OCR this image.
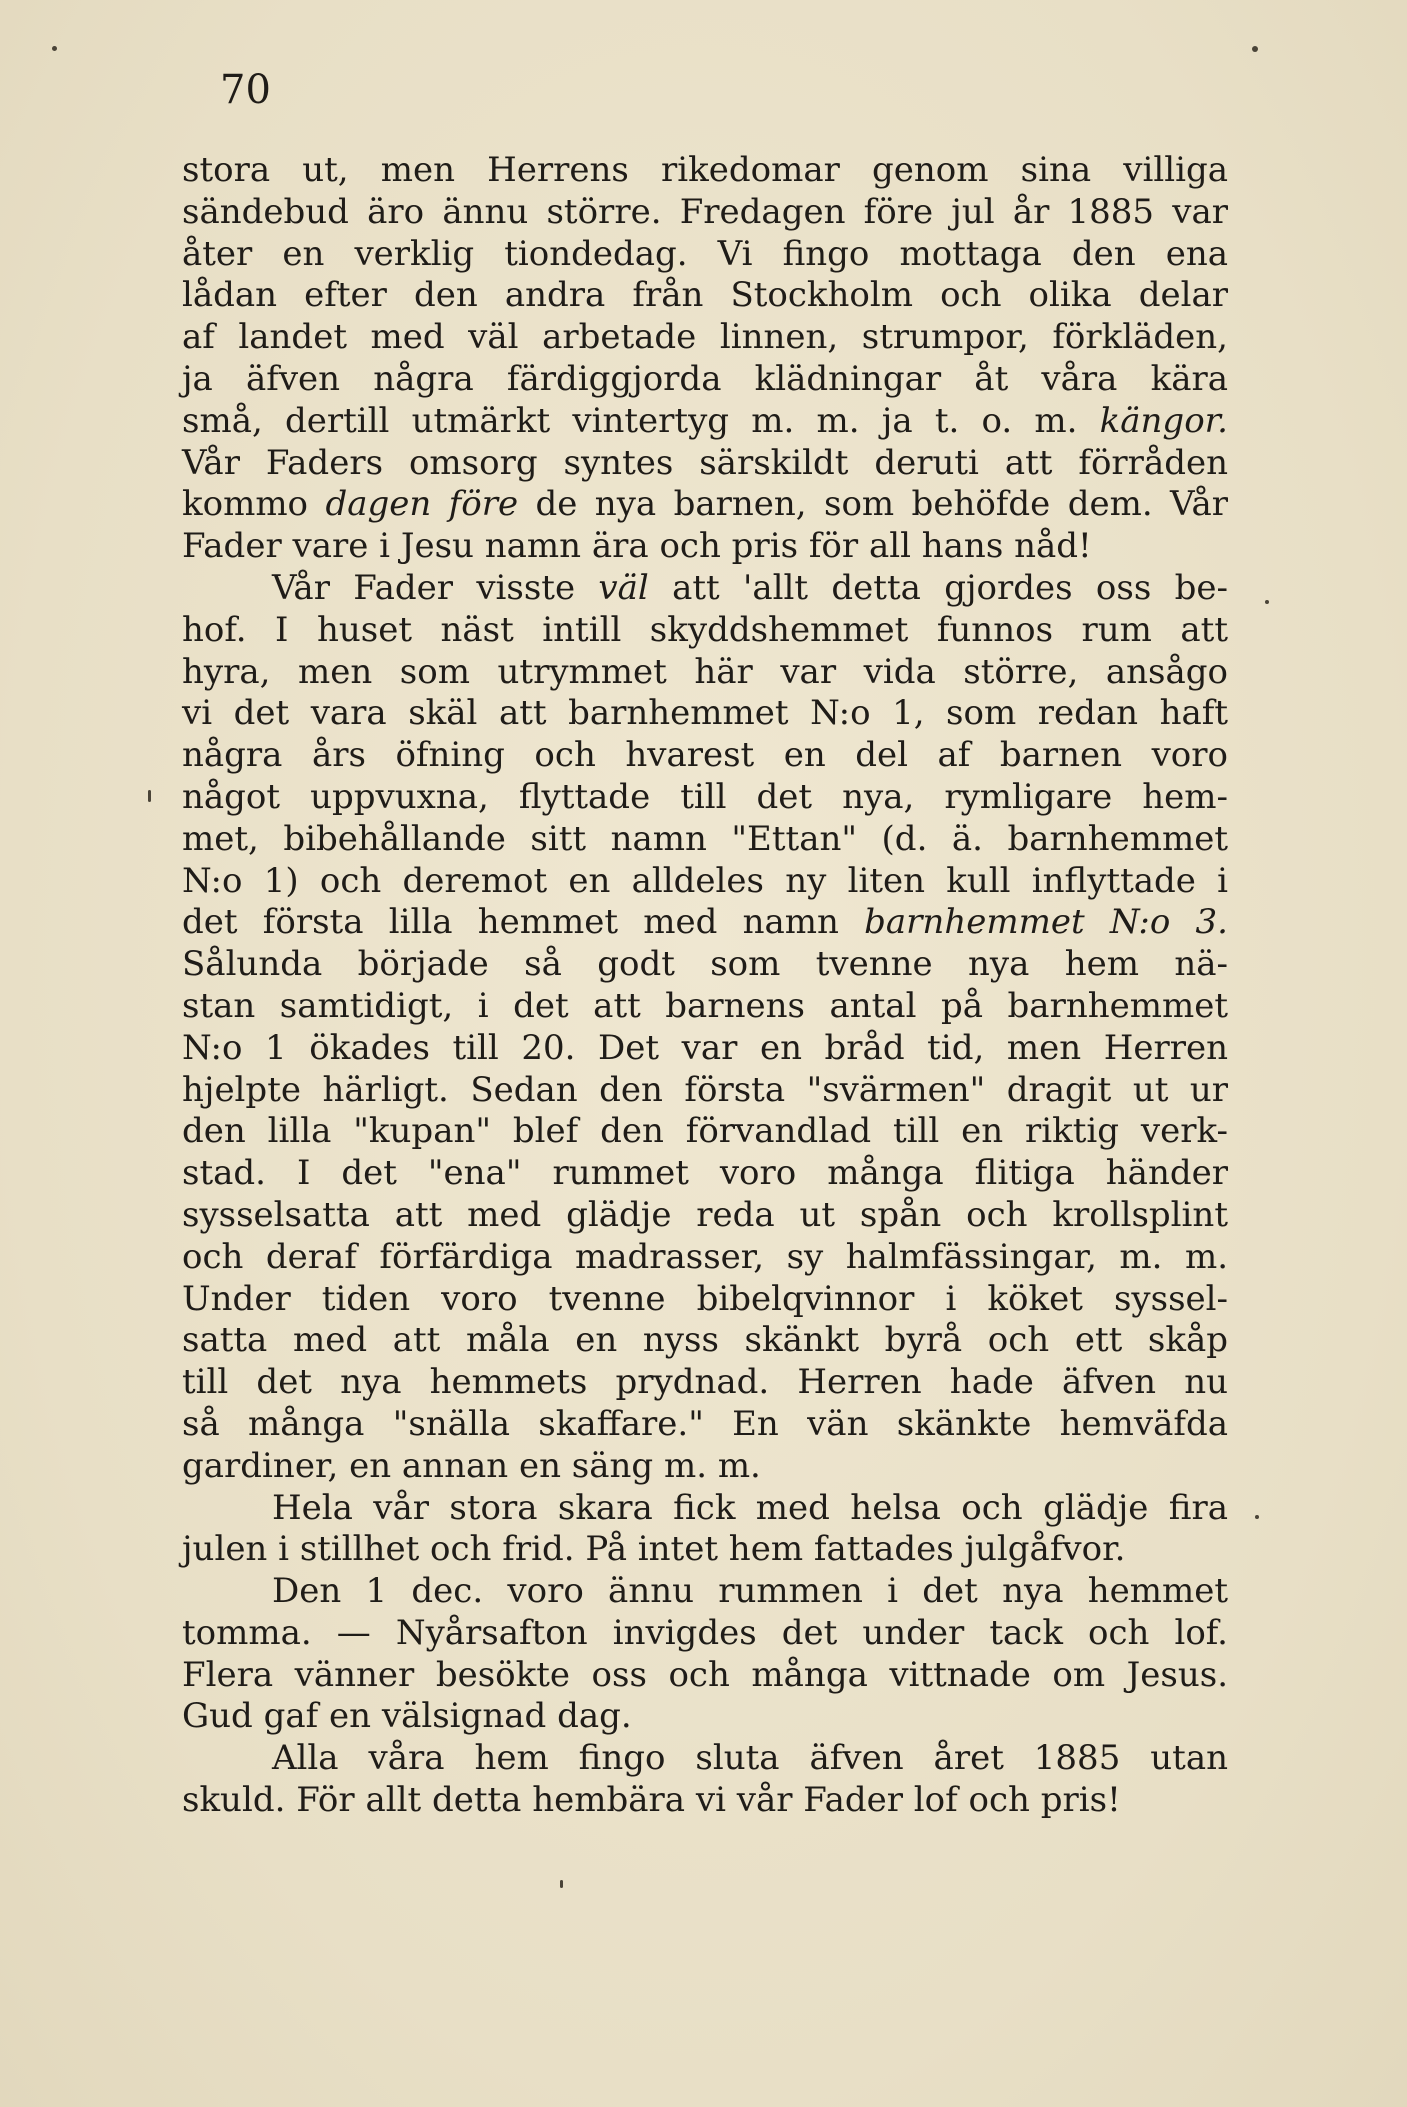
70
stora ut, men Herrens rikedomar genom sina villiga
sändebud äro ännu större. Fredagen före jul år 1885 var
åter en verklig tiondedag. Vi fingo mottaga den ena
lådan efter den andra från Stockholm och olika delar
af landet med väl arbetade linnen, strumpor, förkläden,
ja äfven några färdiggjorda klädningar åt våra kära
små, dertill utmärkt vintertyg m. m. ja t. o. m. kängor.
Vår Faders omsorg syntes särskildt deruti att förråden
kommo dagen före de nya barnen, som behöfde dem. Vår
Fader vare i Jesu namn ära och pris för all hans nåd!
Vår Fader visste väl att 'allt detta gjordes oss be-
hof. I huset näst intill skyddshemmet funnos rum att
hyra, men som utrymmet här var vida större, ansågo
vi det vara skäl att barnhemmet N:o 1, som redan haft
några års öfning och hvarest en del af barnen voro
något uppvuxna, flyttade till det nya, rymligare hem-
met, bibehållande sitt namn "Ettan" (d. ä. barnhemmet
N:o 1) och deremot en alldeles ny liten kull inflyttade i
det första lilla hemmet med namn barnhemmet N:o 3.
Sålunda började så godt som tvenne nya hem nä-
stan samtidigt, i det att barnens antal på barnhemmet
N:o 1 ökades till 20. Det var en bråd tid, men Herren
hjelpte härligt. Sedan den första "svärmen" dragit ut ur
den lilla "kupan" blef den förvandlad till en riktig verk-
stad. I det "ena" rummet voro många flitiga händer
sysselsatta att med glädje reda ut spån och krollsplint
och deraf förfärdiga madrasser, sy halmfässingar, m. m.
Under tiden voro tvenne bibelqvinnor i köket syssel-
satta med att måla en nyss skänkt byrå och ett skåp
till det nya hemmets prydnad. Herren hade äfven nu
så många "snälla skaffare." En vän skänkte hemväfda
gardiner, en annan en säng m. m.
Hela vår stora skara fick med helsa och glädje fira
julen i stillhet och frid. På intet hem fattades julgåfvor.
Den 1 dec. voro ännu rummen i det nya hemmet
tomma. — Nyårsafton invigdes det under tack och lof.
Flera vänner besökte oss och många vittnade om Jesus.
Gud gaf en välsignad dag.
Alla våra hem fingo sluta äfven året 1885 utan
skuld. För allt detta hembära vi vår Fader lof och pris!
